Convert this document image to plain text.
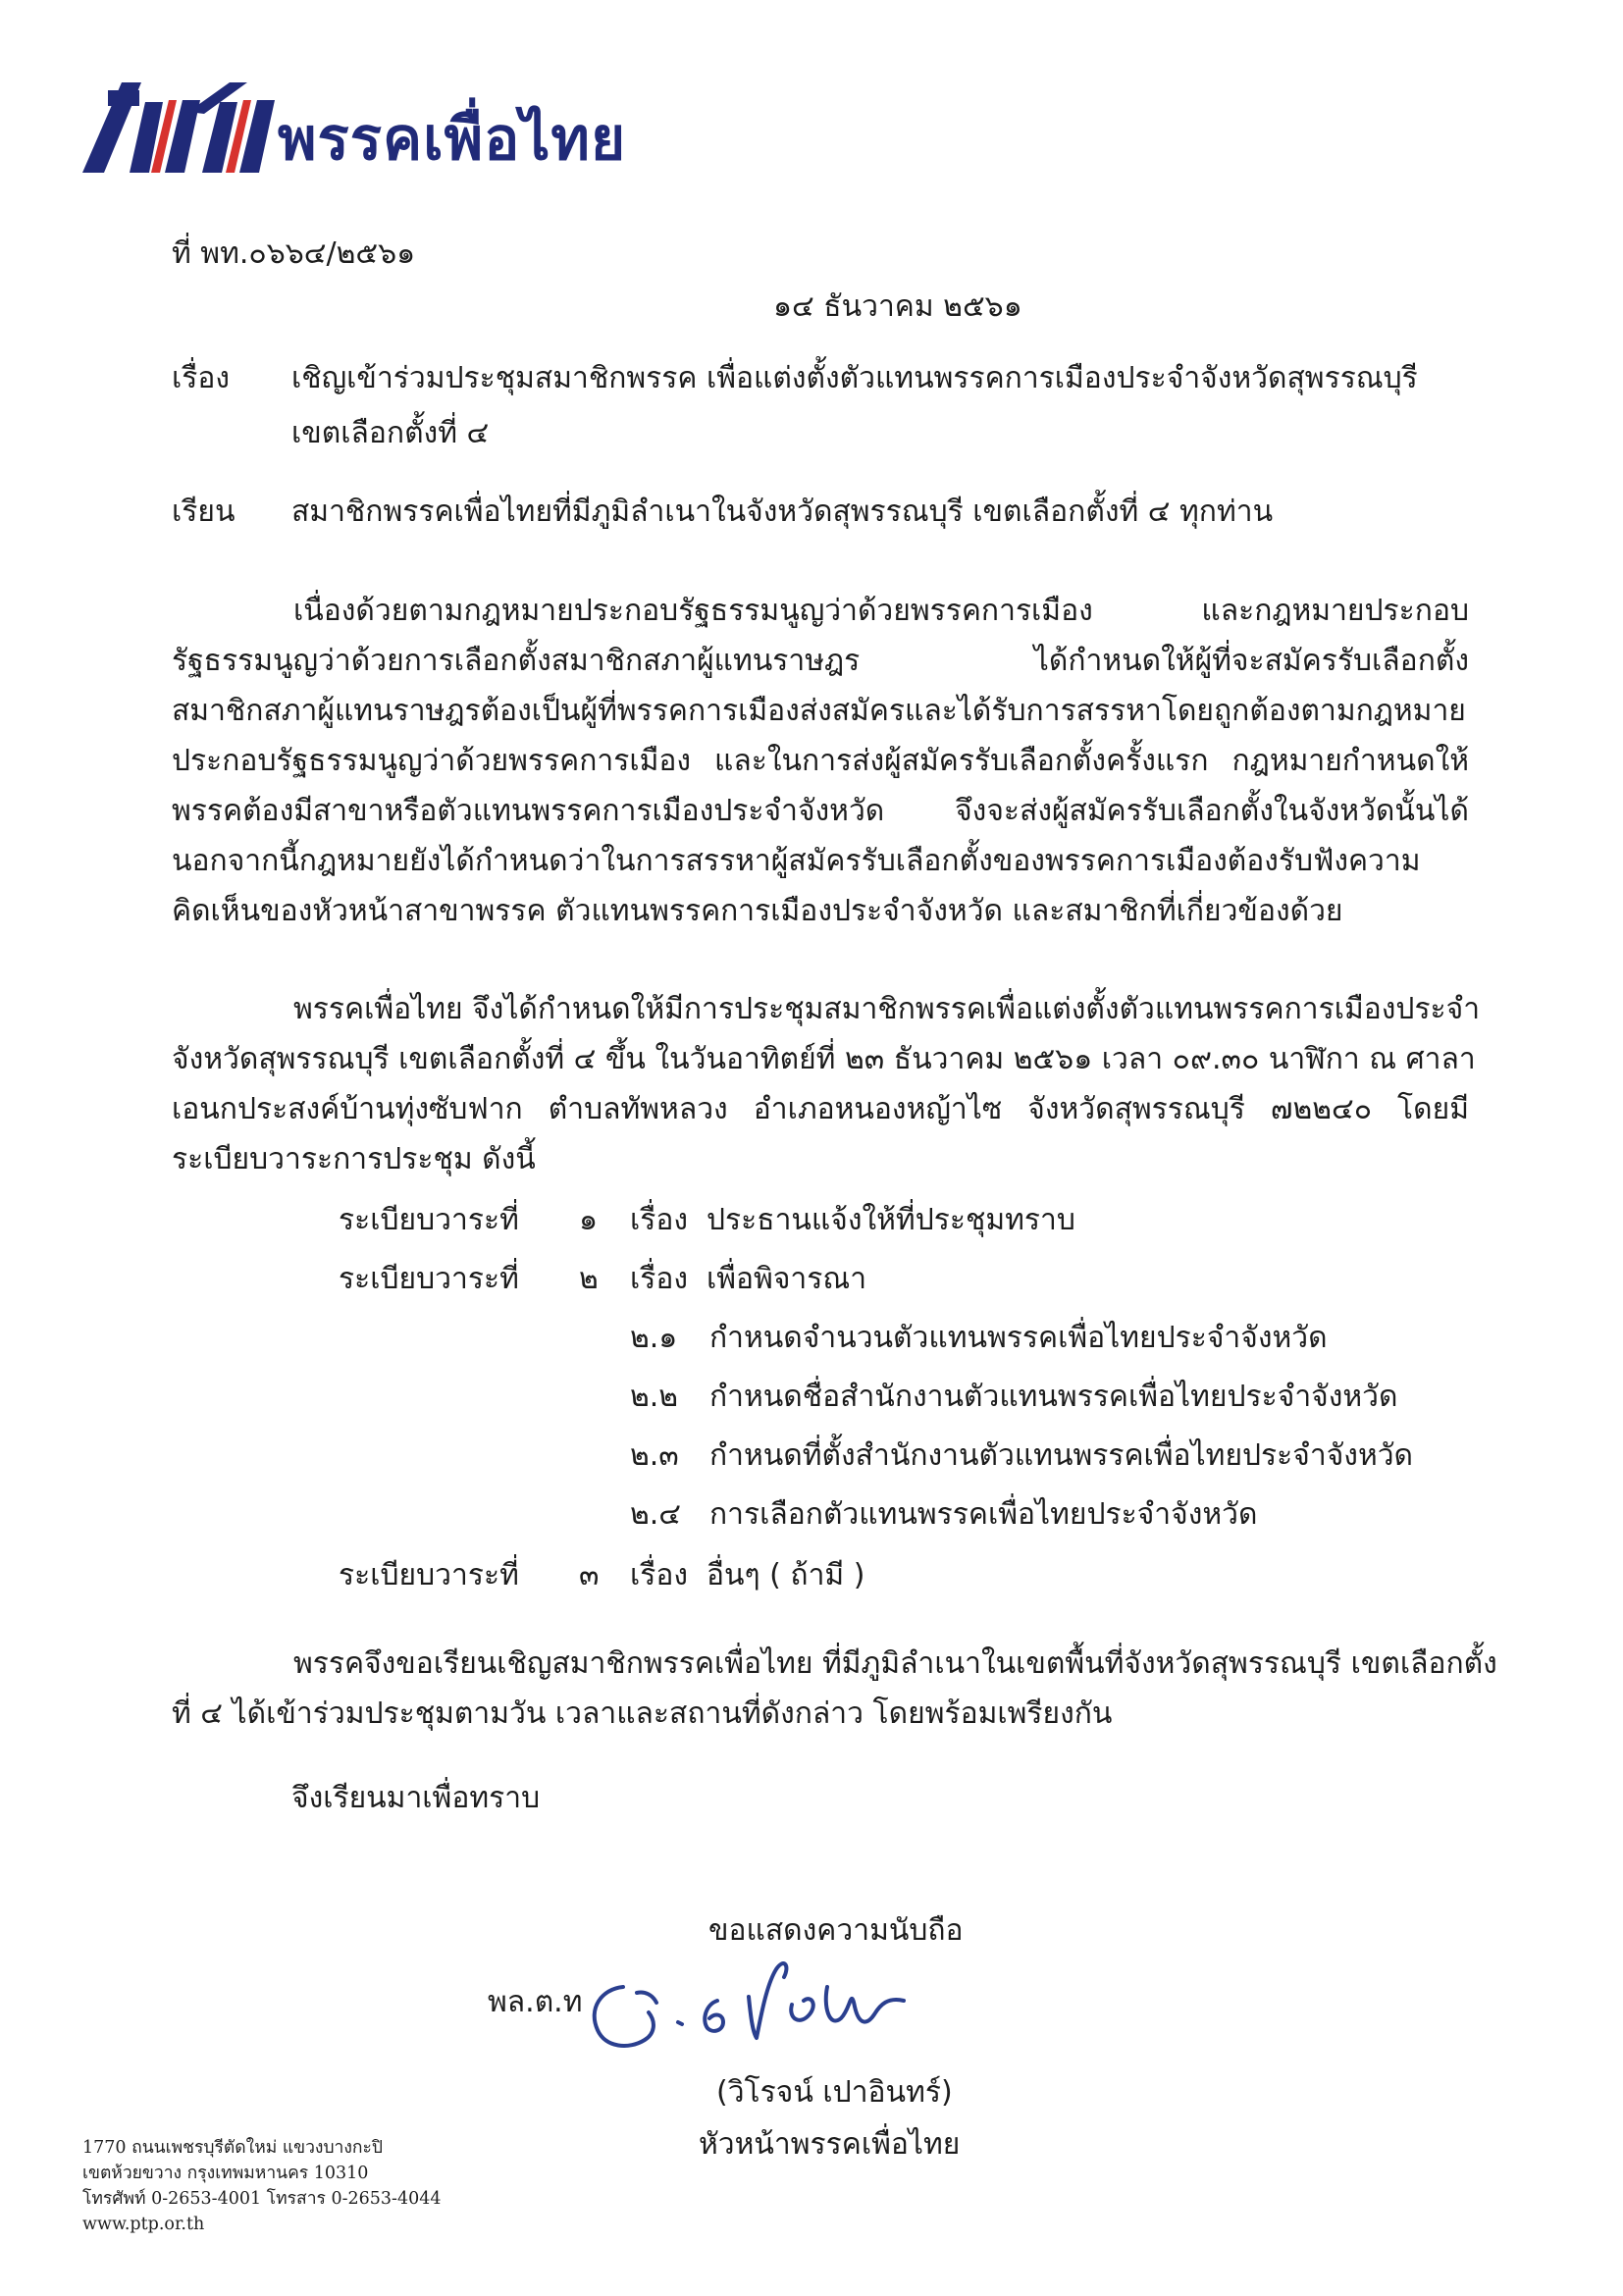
พรรคเพื่อไทย
ที่ พท.๐๖๖๔/๒๕๖๑
๑๔ ธันวาคม ๒๕๖๑
เรื่อง เชิญเข้าร่วมประชุมสมาชิกพรรค เพื่อแต่งตั้งตัวแทนพรรคการเมืองประจำจังหวัดสุพรรณบุรี
เขตเลือกตั้งที่ ๔
เรียน สมาชิกพรรคเพื่อไทยที่มีภูมิลำเนาในจังหวัดสุพรรณบุรี เขตเลือกตั้งที่ ๔ ทุกท่าน
เนื่องด้วยตามกฎหมายประกอบรัฐธรรมนูญว่าด้วยพรรคการเมือง และกฎหมายประกอบ
รัฐธรรมนูญว่าด้วยการเลือกตั้งสมาชิกสภาผู้แทนราษฎร ได้กำหนดให้ผู้ที่จะสมัครรับเลือกตั้ง
สมาชิกสภาผู้แทนราษฎรต้องเป็นผู้ที่พรรคการเมืองส่งสมัครและได้รับการสรรหาโดยถูกต้องตามกฎหมาย
ประกอบรัฐธรรมนูญว่าด้วยพรรคการเมือง และในการส่งผู้สมัครรับเลือกตั้งครั้งแรก กฎหมายกำหนดให้
พรรคต้องมีสาขาหรือตัวแทนพรรคการเมืองประจำจังหวัด จึงจะส่งผู้สมัครรับเลือกตั้งในจังหวัดนั้นได้
นอกจากนี้กฎหมายยังได้กำหนดว่าในการสรรหาผู้สมัครรับเลือกตั้งของพรรคการเมืองต้องรับฟังความ
คิดเห็นของหัวหน้าสาขาพรรค ตัวแทนพรรคการเมืองประจำจังหวัด และสมาชิกที่เกี่ยวข้องด้วย
พรรคเพื่อไทย จึงได้กำหนดให้มีการประชุมสมาชิกพรรคเพื่อแต่งตั้งตัวแทนพรรคการเมืองประจำ
จังหวัดสุพรรณบุรี เขตเลือกตั้งที่ ๔ ขึ้น ในวันอาทิตย์ที่ ๒๓ ธันวาคม ๒๕๖๑ เวลา ๐๙.๓๐ นาฬิกา ณ ศาลา
เอนกประสงค์บ้านทุ่งซับฟาก ตำบลทัพหลวง อำเภอหนองหญ้าไซ จังหวัดสุพรรณบุรี ๗๒๒๔๐ โดยมี
ระเบียบวาระการประชุม ดังนี้
ระเบียบวาระที่ ๑ เรื่อง ประธานแจ้งให้ที่ประชุมทราบ
ระเบียบวาระที่ ๒ เรื่อง เพื่อพิจารณา
๒.๑ กำหนดจำนวนตัวแทนพรรคเพื่อไทยประจำจังหวัด
๒.๒ กำหนดชื่อสำนักงานตัวแทนพรรคเพื่อไทยประจำจังหวัด
๒.๓ กำหนดที่ตั้งสำนักงานตัวแทนพรรคเพื่อไทยประจำจังหวัด
๒.๔ การเลือกตัวแทนพรรคเพื่อไทยประจำจังหวัด
ระเบียบวาระที่ ๓ เรื่อง อื่นๆ ( ถ้ามี )
พรรคจึงขอเรียนเชิญสมาชิกพรรคเพื่อไทย ที่มีภูมิลำเนาในเขตพื้นที่จังหวัดสุพรรณบุรี เขตเลือกตั้ง
ที่ ๔ ได้เข้าร่วมประชุมตามวัน เวลาและสถานที่ดังกล่าว โดยพร้อมเพรียงกัน
จึงเรียนมาเพื่อทราบ
ขอแสดงความนับถือ
พล.ต.ท
(วิโรจน์ เปาอินทร์)
หัวหน้าพรรคเพื่อไทย
1770 ถนนเพชรบุรีตัดใหม่ แขวงบางกะปิ
เขตห้วยขวาง กรุงเทพมหานคร 10310
โทรศัพท์ 0-2653-4001 โทรสาร 0-2653-4044
www.ptp.or.th
